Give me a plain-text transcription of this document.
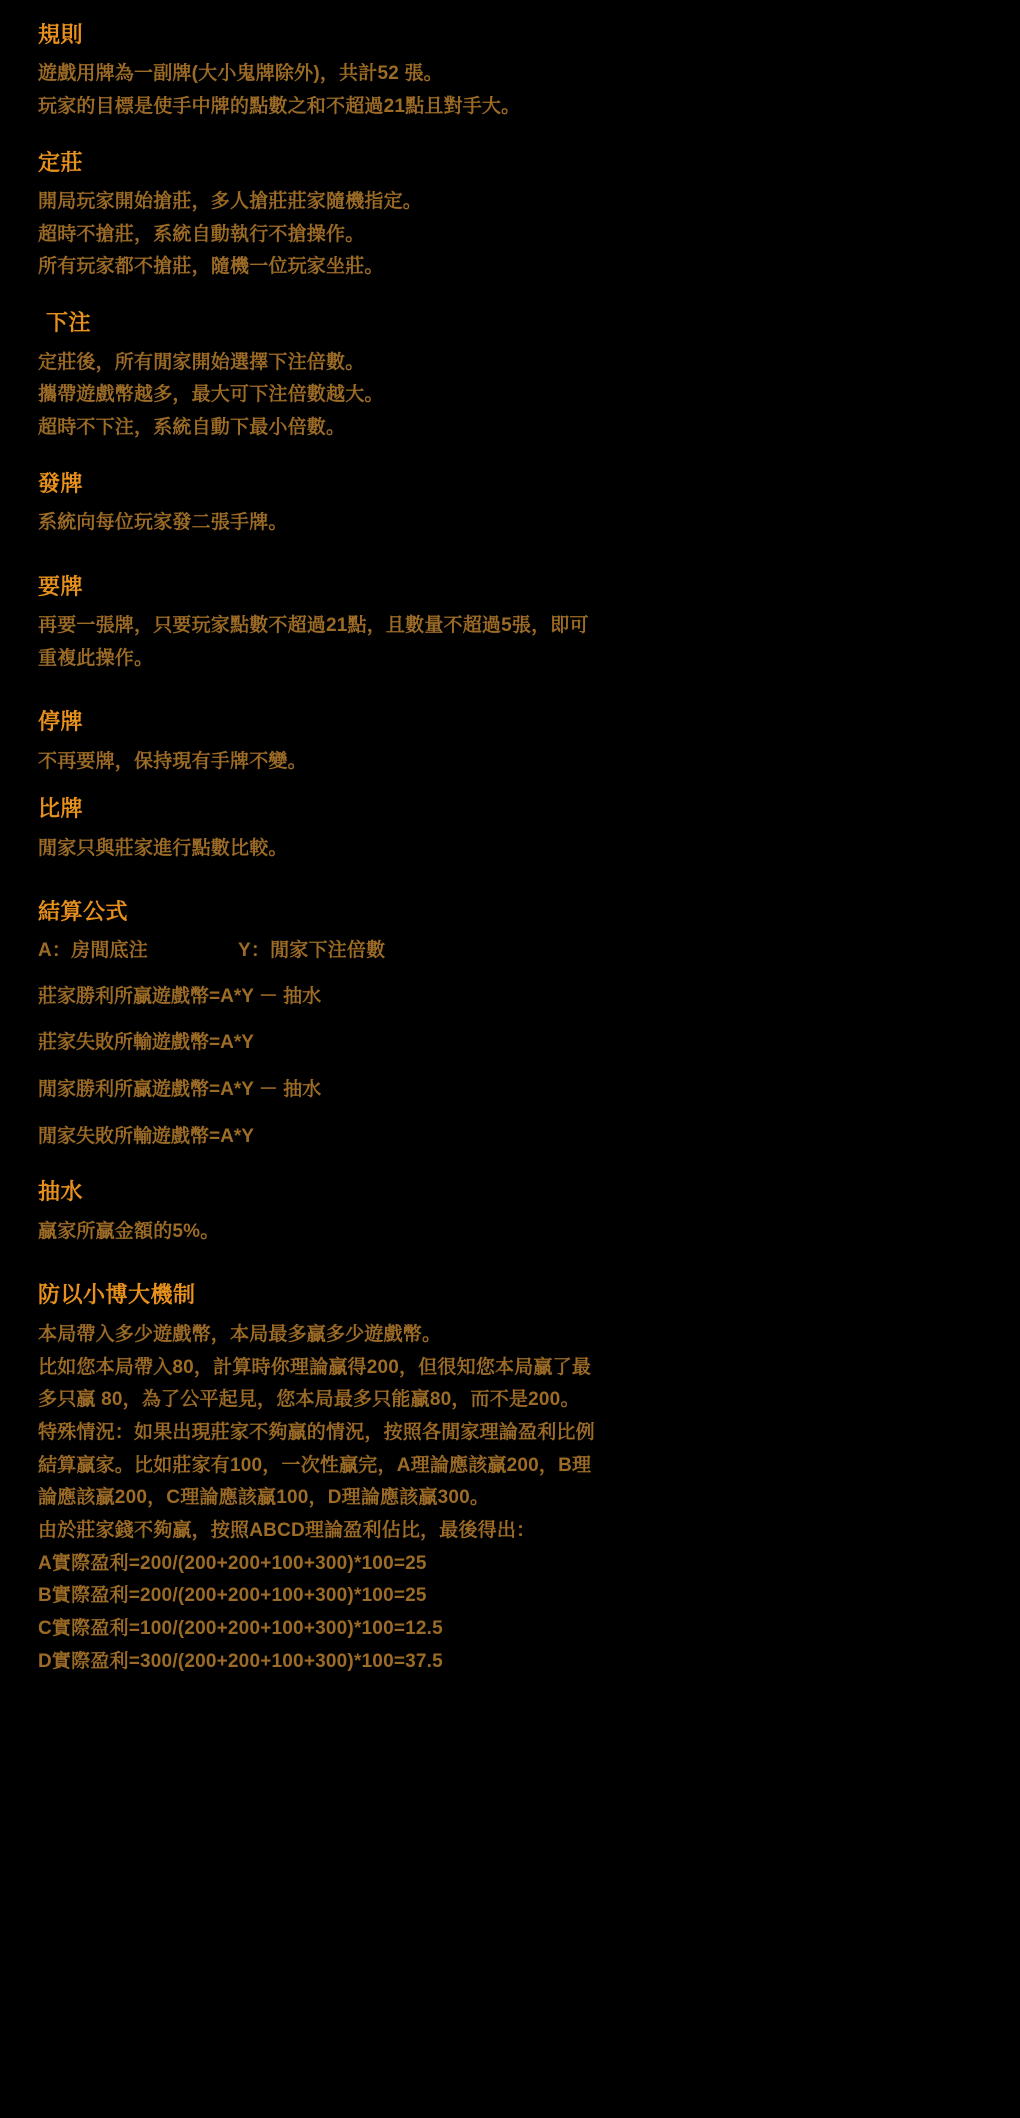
規則

遊戲用牌為一副牌(大小鬼牌除外)，共計52 張。

玩家的目標是使手中牌的點數之和不超過21點且對手大。

定莊

開局玩家開始搶莊，多人搶莊莊家隨機指定。

超時不搶莊，系統自動執行不搶操作。

所有玩家都不搶莊，隨機一位玩家坐莊。

下注

定莊後，所有閒家開始選擇下注倍數。

攜帶遊戲幣越多，最大可下注倍數越大。

超時不下注，系統自動下最小倍數。

發牌

系統向每位玩家發二張手牌。

要牌

再要一張牌，只要玩家點數不超過21點，且數量不超過5張，即可

重複此操作。

停牌

不再要牌，保持現有手牌不變。

比牌

閒家只與莊家進行點數比較。

結算公式
A：房間底注	Y：閒家下注倍數

莊家勝利所贏遊戲幣=A*Y － 抽水

莊家失敗所輸遊戲幣=A*Y

閒家勝利所贏遊戲幣=A*Y － 抽水

閒家失敗所輸遊戲幣=A*Y

抽水

贏家所贏金額的5%。

防以小博大機制

本局帶入多少遊戲幣，本局最多贏多少遊戲幣。

比如您本局帶入80，計算時你理論贏得200，但很知您本局贏了最

多只贏 80，為了公平起見，您本局最多只能贏80，而不是200。

特殊情況：如果出現莊家不夠贏的情況，按照各閒家理論盈利比例

結算贏家。比如莊家有100，一次性贏完，A理論應該贏200，B理

論應該贏200，C理論應該贏100，D理論應該贏300。

由於莊家錢不夠贏，按照ABCD理論盈利佔比，最後得出：

A實際盈利=200/(200+200+100+300)*100=25

B實際盈利=200/(200+200+100+300)*100=25

C實際盈利=100/(200+200+100+300)*100=12.5

D實際盈利=300/(200+200+100+300)*100=37.5
